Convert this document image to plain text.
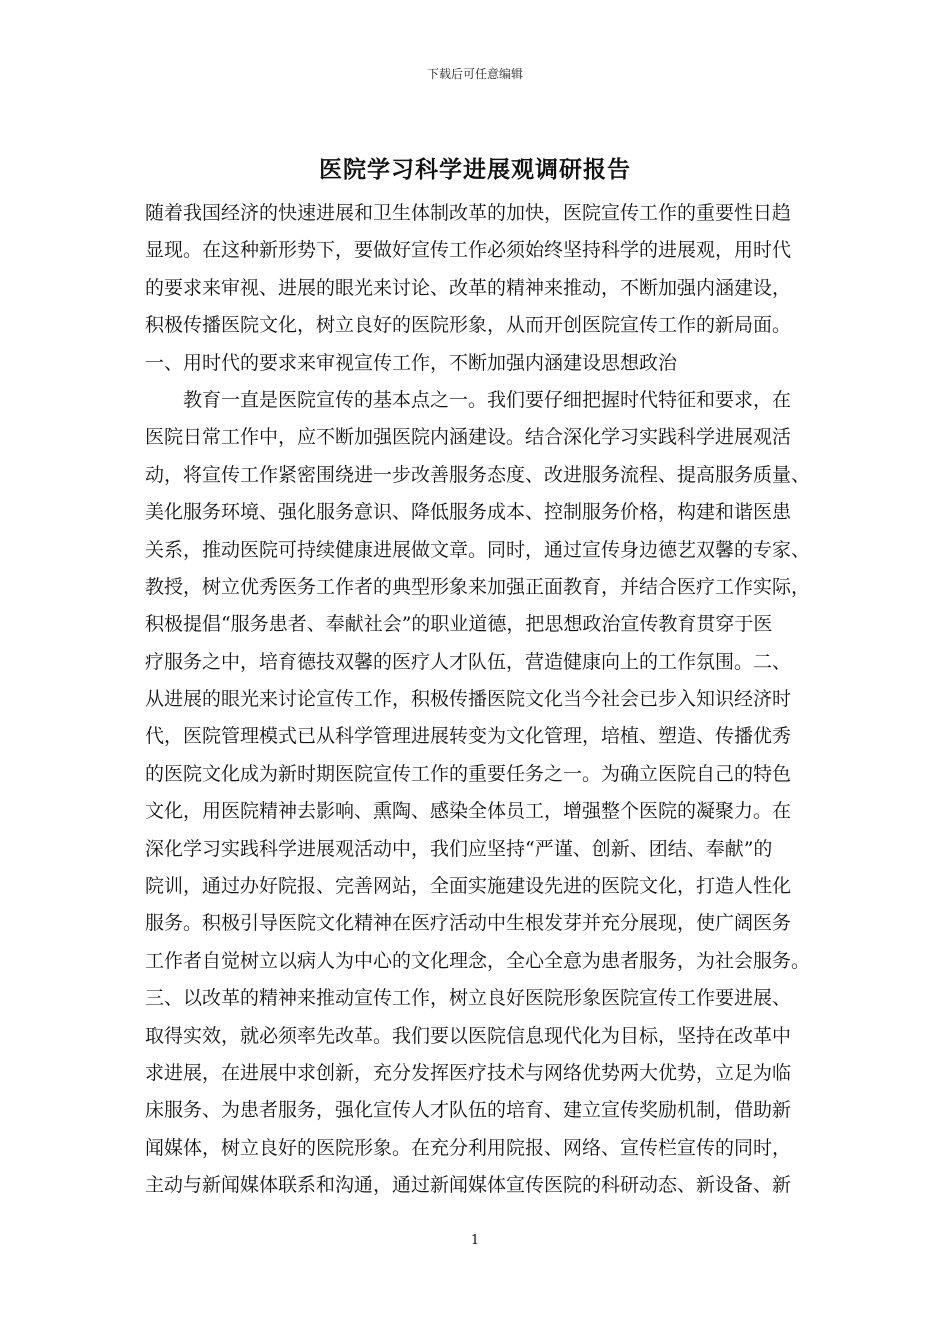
下载后可任意编辑
医院学习科学进展观调研报告
随着我国经济的快速进展和卫生体制改革的加快，医院宣传工作的重要性日趋
显现。在这种新形势下，要做好宣传工作必须始终坚持科学的进展观，用时代
的要求来审视、进展的眼光来讨论、改革的精神来推动，不断加强内涵建设，
积极传播医院文化，树立良好的医院形象，从而开创医院宣传工作的新局面。
一、用时代的要求来审视宣传工作，不断加强内涵建设思想政治
教育一直是医院宣传的基本点之一。我们要仔细把握时代特征和要求，在
医院日常工作中，应不断加强医院内涵建设。结合深化学习实践科学进展观活
动，将宣传工作紧密围绕进一步改善服务态度、改进服务流程、提高服务质量、
美化服务环境、强化服务意识、降低服务成本、控制服务价格，构建和谐医患
关系，推动医院可持续健康进展做文章。同时，通过宣传身边德艺双馨的专家、
教授，树立优秀医务工作者的典型形象来加强正面教育，并结合医疗工作实际，
积极提倡“服务患者、奉献社会”的职业道德，把思想政治宣传教育贯穿于医
疗服务之中，培育德技双馨的医疗人才队伍，营造健康向上的工作氛围。二、
从进展的眼光来讨论宣传工作，积极传播医院文化当今社会已步入知识经济时
代，医院管理模式已从科学管理进展转变为文化管理，培植、塑造、传播优秀
的医院文化成为新时期医院宣传工作的重要任务之一。为确立医院自己的特色
文化，用医院精神去影响、熏陶、感染全体员工，增强整个医院的凝聚力。在
深化学习实践科学进展观活动中，我们应坚持“严谨、创新、团结、奉献”的
院训，通过办好院报、完善网站，全面实施建设先进的医院文化，打造人性化
服务。积极引导医院文化精神在医疗活动中生根发芽并充分展现，使广阔医务
工作者自觉树立以病人为中心的文化理念，全心全意为患者服务，为社会服务。
三、以改革的精神来推动宣传工作，树立良好医院形象医院宣传工作要进展、
取得实效，就必须率先改革。我们要以医院信息现代化为目标，坚持在改革中
求进展，在进展中求创新，充分发挥医疗技术与网络优势两大优势，立足为临
床服务、为患者服务，强化宣传人才队伍的培育、建立宣传奖励机制，借助新
闻媒体，树立良好的医院形象。在充分利用院报、网络、宣传栏宣传的同时，
主动与新闻媒体联系和沟通，通过新闻媒体宣传医院的科研动态、新设备、新
1
